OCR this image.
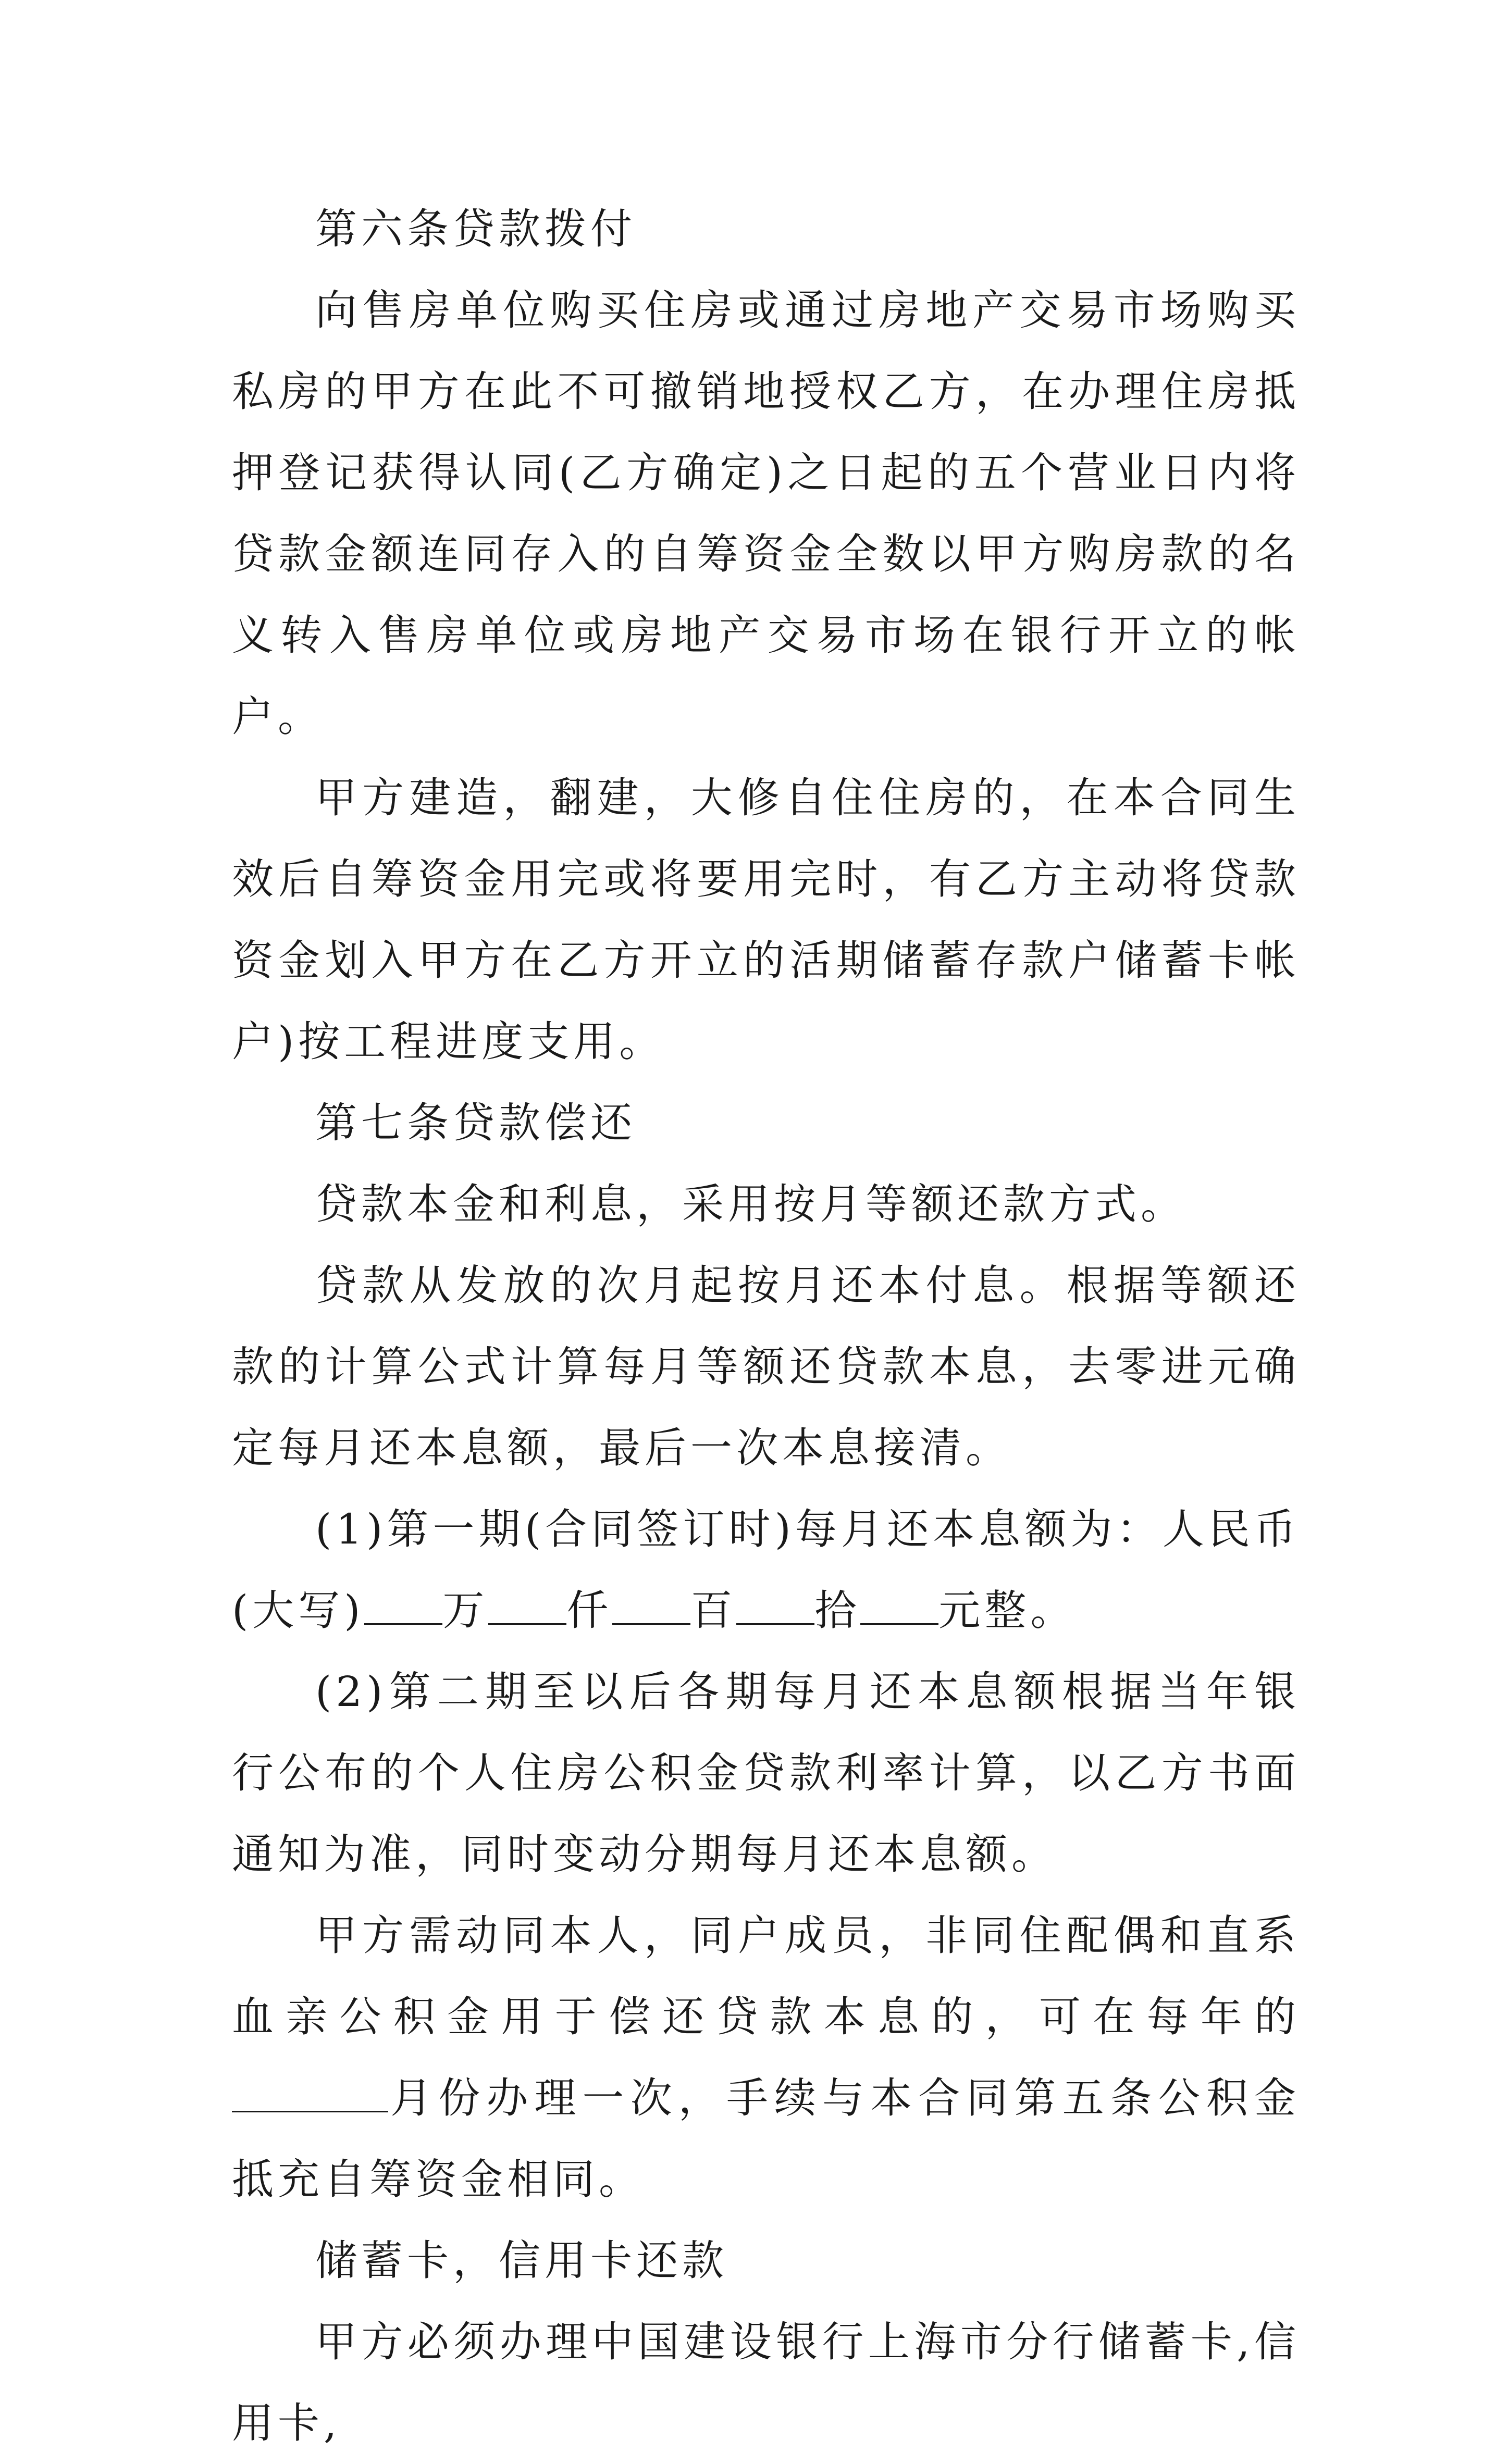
第六条贷款拨付

向售房单位购买住房或通过房地产交易市场购买私房的甲方在此不可撤销地授权乙方，在办理住房抵押登记获得认同(乙方确定)之日起的五个营业日内将贷款金额连同存入的自筹资金全数以甲方购房款的名义转入售房单位或房地产交易市场在银行开立的帐户。

甲方建造，翻建，大修自住住房的，在本合同生效后自筹资金用完或将要用完时，有乙方主动将贷款资金划入甲方在乙方开立的活期储蓄存款户储蓄卡帐户)按工程进度支用。

第七条贷款偿还

贷款本金和利息，采用按月等额还款方式。

贷款从发放的次月起按月还本付息。根据等额还款的计算公式计算每月等额还贷款本息，去零进元确定每月还本息额，最后一次本息接清。

(1)第一期(合同签订时)每月还本息额为：人民币(大写) 万 仟 百 拾 元整。

(2)第二期至以后各期每月还本息额根据当年银行公布的个人住房公积金贷款利率计算，以乙方书面通知为准，同时变动分期每月还本息额。

甲方需动同本人，同户成员，非同住配偶和直系血亲公积金用于偿还贷款本息的，可在每年的月份办理一次，手续与本合同第五条公积金抵充自筹资金相同。

储蓄卡，信用卡还款

甲方必须办理中国建设银行上海市分行储蓄卡,信用卡,
